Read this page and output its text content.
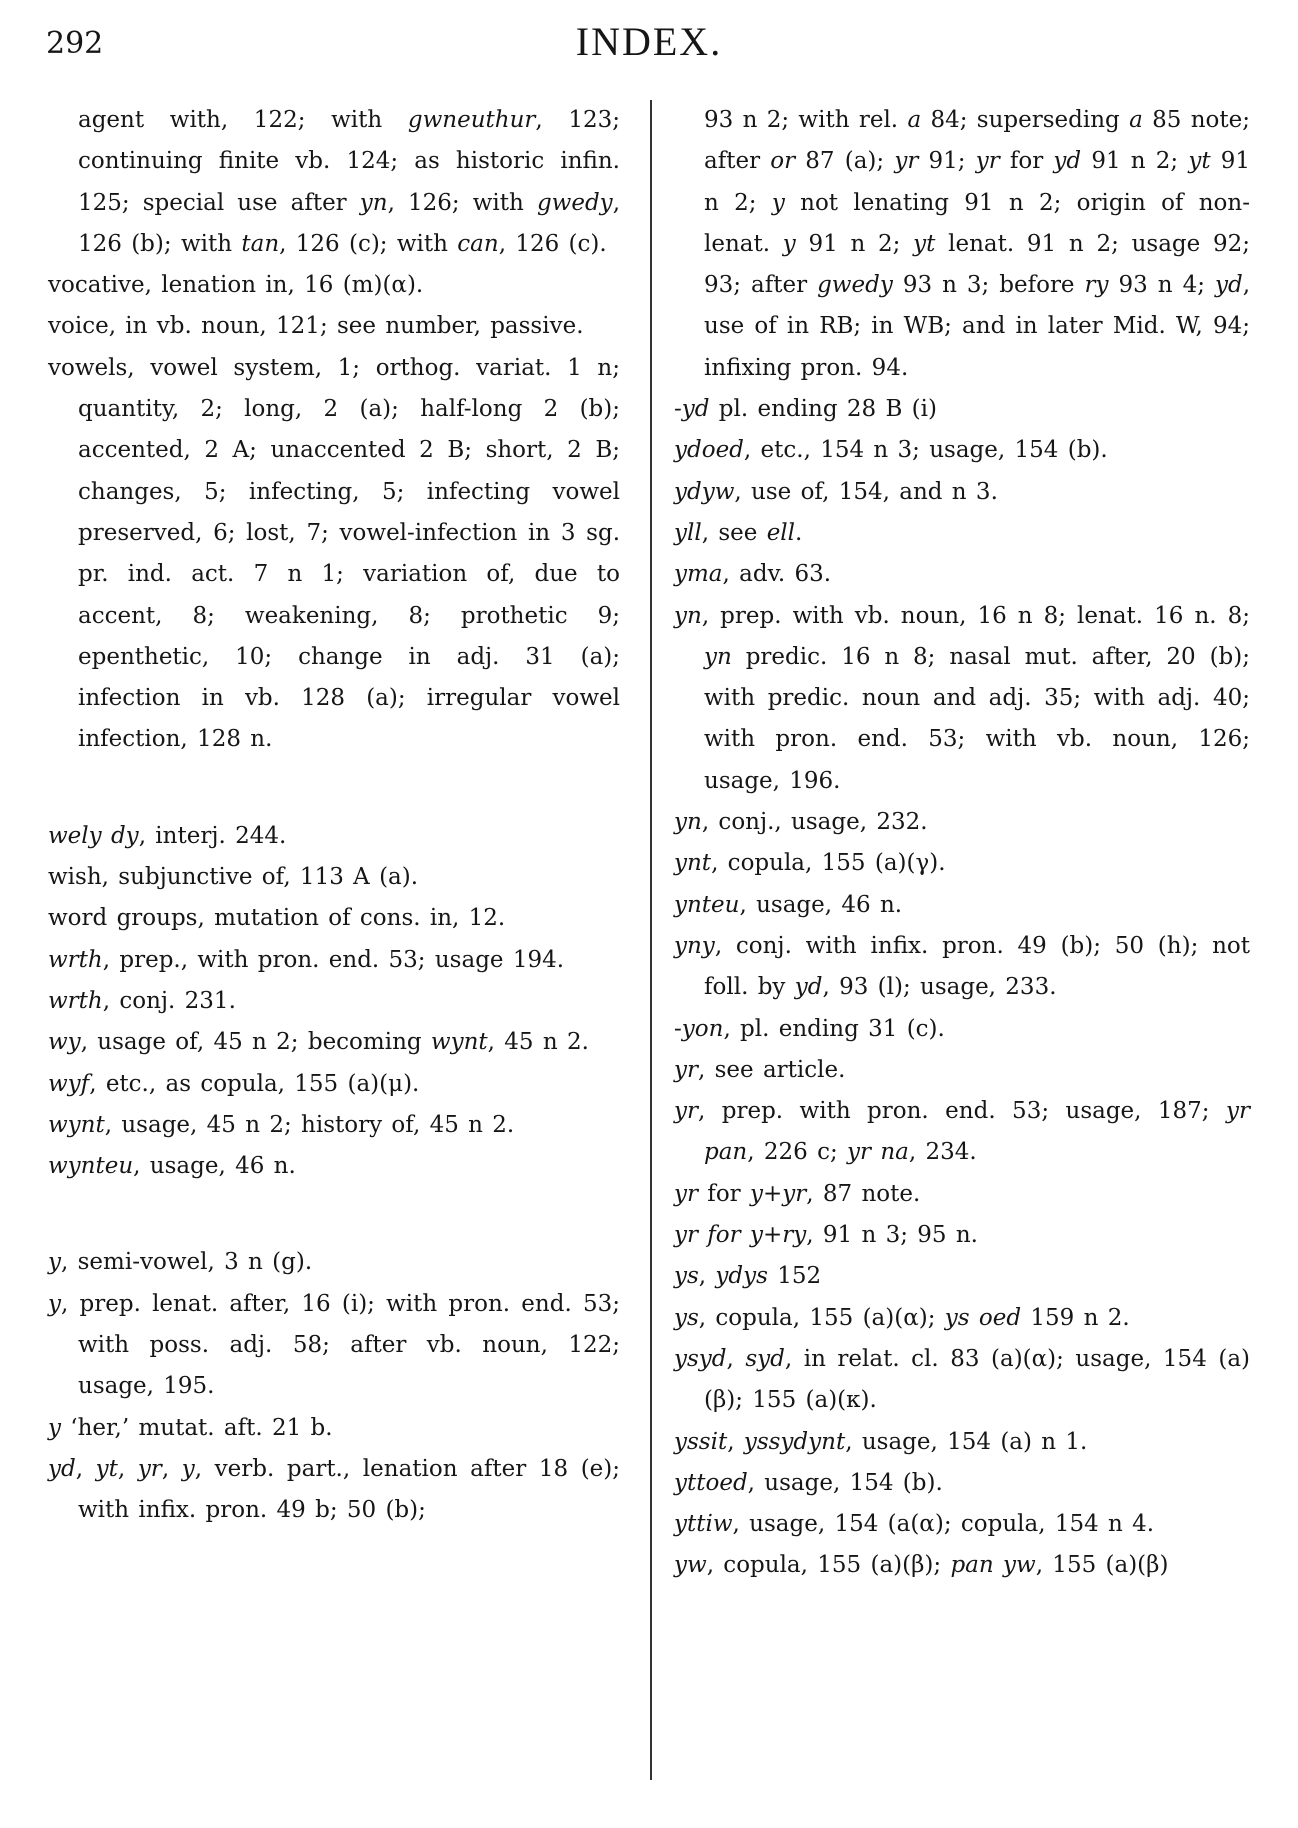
292	INDEX.
agent with, 122; with gwneuthur, 123; continuing finite vb. 124; as historic infin. 125; special use after yn, 126; with gwedy, 126 (b); with tan, 126 (c); with can, 126 (c).
vocative, lenation in, 16 (m)(α).
voice, in vb. noun, 121; see number, passive.
vowels, vowel system, 1; orthog. variat. 1 n; quantity, 2; long, 2 (a); half-long 2 (b); accented, 2 A; unaccented 2 B; short, 2 B; changes, 5; infecting, 5; infecting vowel preserved, 6; lost, 7; vowel-infection in 3 sg. pr. ind. act. 7 n 1; variation of, due to accent, 8; weakening, 8; prothetic 9; epenthetic, 10; change in adj. 31 (a); infection in vb. 128 (a); irregular vowel infection, 128 n.
wely dy, interj. 244.
wish, subjunctive of, 113 A (a).
word groups, mutation of cons. in, 12.
wrth, prep., with pron. end. 53; usage 194.
wrth, conj. 231.
wy, usage of, 45 n 2; becoming wynt, 45 n 2.
wyf, etc., as copula, 155 (a)(μ).
wynt, usage, 45 n 2; history of, 45 n 2.
wynteu, usage, 46 n.
y, semi-vowel, 3 n (g).
y, prep. lenat. after, 16 (i); with pron. end. 53; with poss. adj. 58; after vb. noun, 122; usage, 195.
y ‘her,’ mutat. aft. 21 b.
yd, yt, yr, y, verb. part., lenation after 18 (e); with infix. pron. 49 b; 50 (b);
93 n 2; with rel. a 84; superseding a 85 note; after or 87 (a); yr 91; yr for yd 91 n 2; yt 91 n 2; y not lenating 91 n 2; origin of non-lenat. y 91 n 2; yt lenat. 91 n 2; usage 92; 93; after gwedy 93 n 3; before ry 93 n 4; yd, use of in RB; in WB; and in later Mid. W, 94; infixing pron. 94.
-yd pl. ending 28 B (i)
ydoed, etc., 154 n 3; usage, 154 (b).
ydyw, use of, 154, and n 3.
yll, see ell.
yma, adv. 63.
yn, prep. with vb. noun, 16 n 8; lenat. 16 n. 8; yn predic. 16 n 8; nasal mut. after, 20 (b); with predic. noun and adj. 35; with adj. 40; with pron. end. 53; with vb. noun, 126; usage, 196.
yn, conj., usage, 232.
ynt, copula, 155 (a)(γ).
ynteu, usage, 46 n.
yny, conj. with infix. pron. 49 (b); 50 (h); not foll. by yd, 93 (l); usage, 233.
-yon, pl. ending 31 (c).
yr, see article.
yr, prep. with pron. end. 53; usage, 187; yr pan, 226 c; yr na, 234.
yr for y+yr, 87 note.
yr for y+ry, 91 n 3; 95 n.
ys, ydys 152
ys, copula, 155 (a)(α); ys oed 159 n 2.
ysyd, syd, in relat. cl. 83 (a)(α); usage, 154 (a)(β); 155 (a)(κ).
yssit, yssydynt, usage, 154 (a) n 1.
yttoed, usage, 154 (b).
yttiw, usage, 154 (a(α); copula, 154 n 4.
yw, copula, 155 (a)(β); pan yw, 155 (a)(β)
